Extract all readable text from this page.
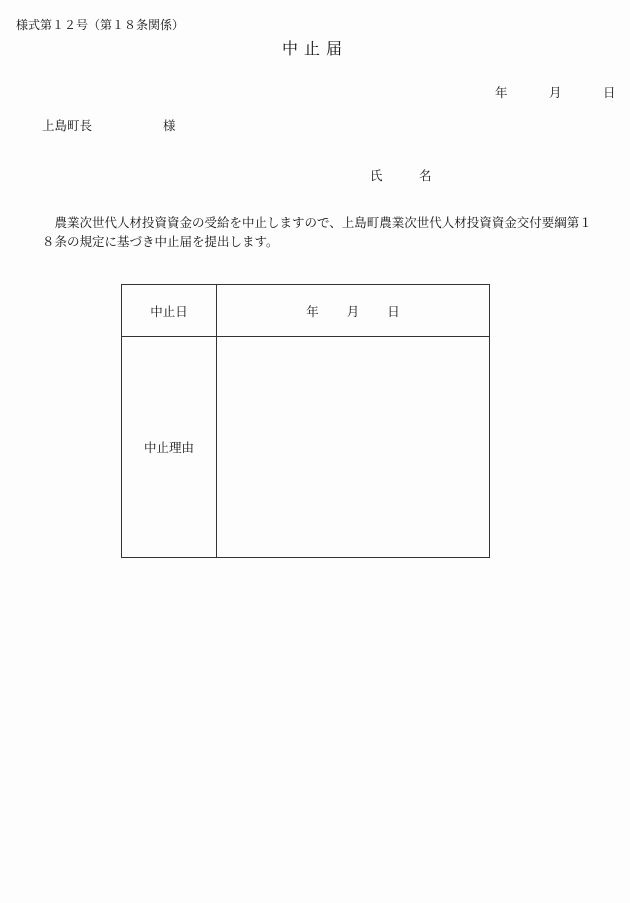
様式第１２号（第１８条関係）
中止届
年	月	日
上島町長	様
氏　名
農業次世代人材投資資金の受給を中止しますので、上島町農業次世代人材投資資金交付要綱第１８条の規定に基づき中止届を提出します。
中止日	年 月 日
中止理由	
